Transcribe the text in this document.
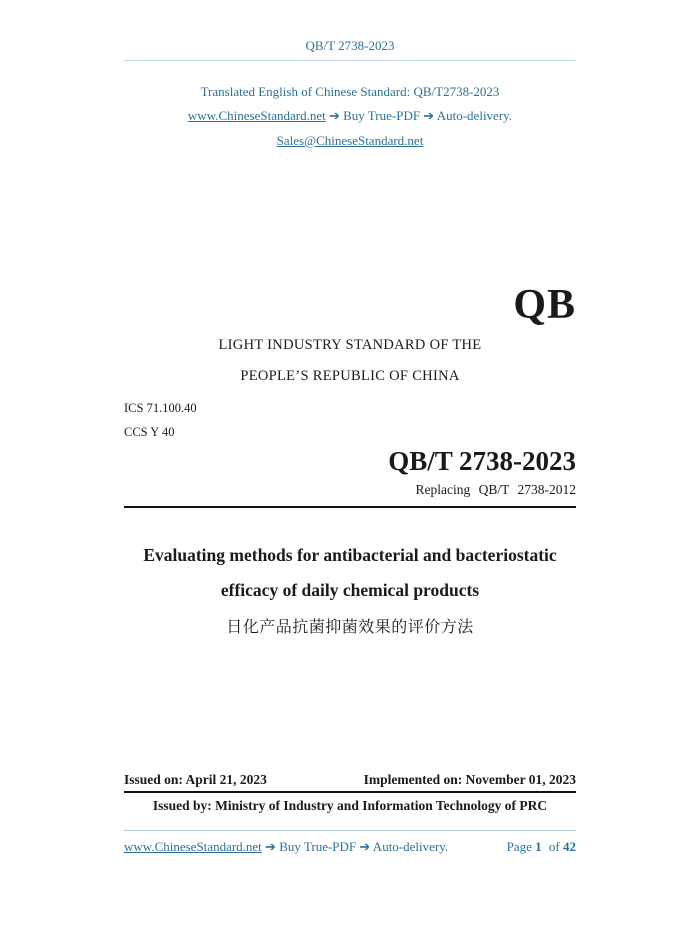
QB/T 2738-2023
Translated English of Chinese Standard: QB/T2738-2023
www.ChineseStandard.net ➔ Buy True-PDF ➔ Auto-delivery.
Sales@ChineseStandard.net
QB
LIGHT INDUSTRY STANDARD OF THE
PEOPLE’S REPUBLIC OF CHINA
ICS 71.100.40
CCS Y 40
QB/T 2738-2023
Replacing QB/T 2738-2012
Evaluating methods for antibacterial and bacteriostatic
efficacy of daily chemical products
日化产品抗菌抑菌效果的评价方法
Issued on: April 21, 2023	Implemented on: November 01, 2023
Issued by: Ministry of Industry and Information Technology of PRC
www.ChineseStandard.net ➔ Buy True-PDF ➔ Auto-delivery.	Page 1 of 42
